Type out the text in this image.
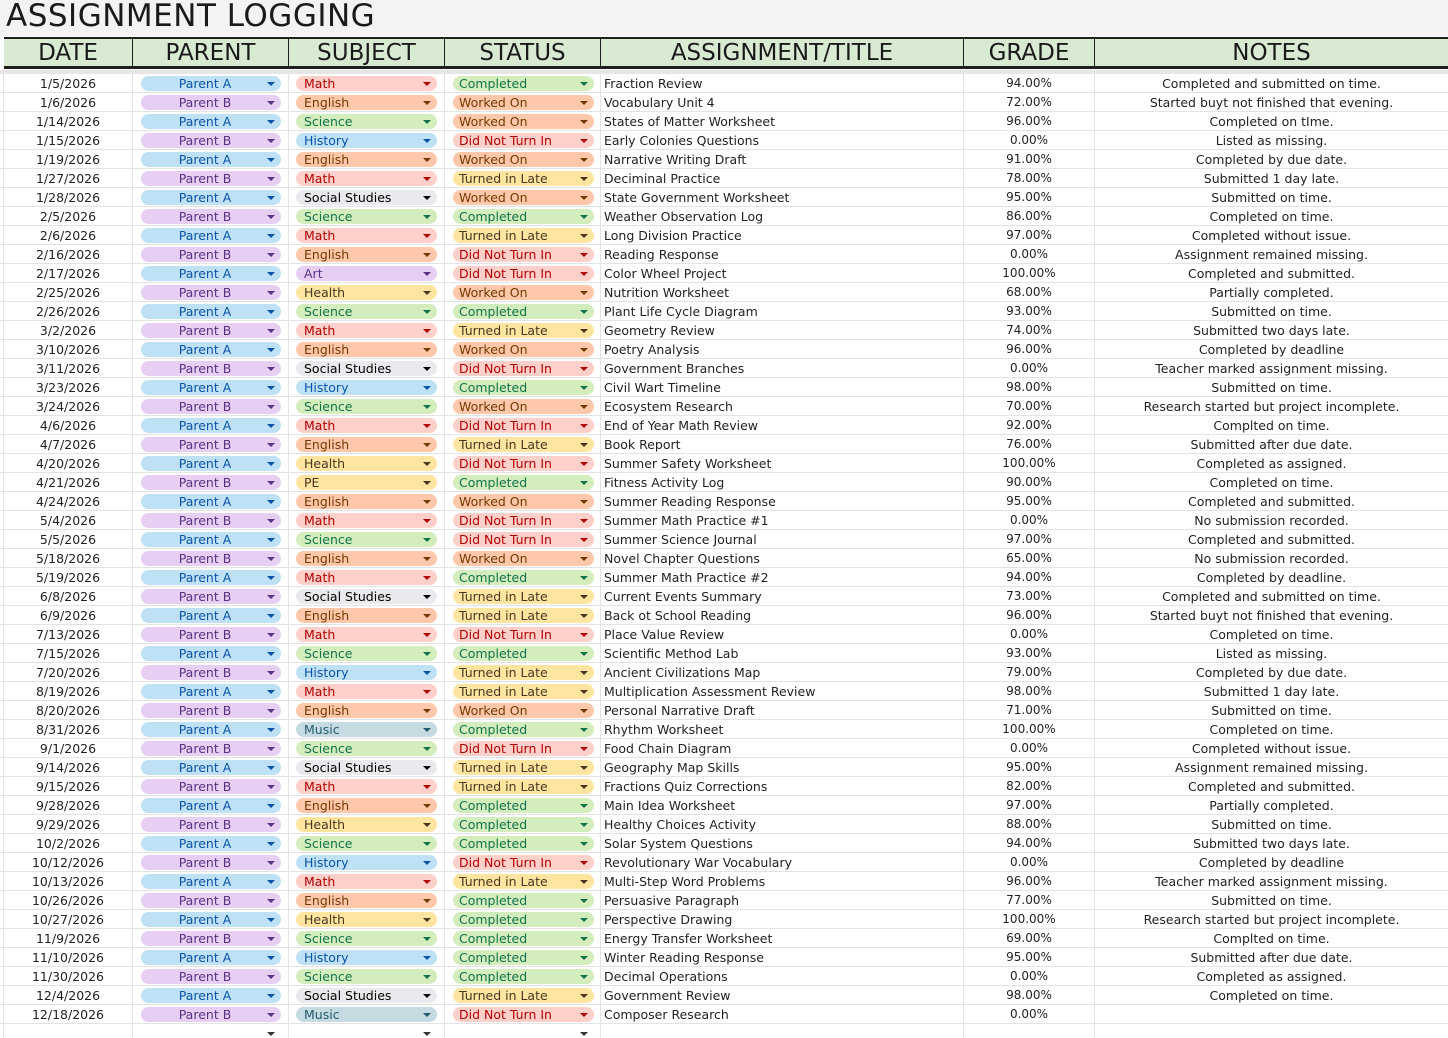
ASSIGNMENT LOGGING
DATE	PARENT	SUBJECT	STATUS	ASSIGNMENT/TITLE	GRADE	NOTES
1/5/2026	Parent A	Math	Completed	Fraction Review	94.00%	Completed and submitted on time.
1/6/2026	Parent B	English	Worked On	Vocabulary Unit 4	72.00%	Started buyt not finished that evening.
1/14/2026	Parent A	Science	Worked On	States of Matter Worksheet	96.00%	Completed on tIme.
1/15/2026	Parent B	History	Did Not Turn In	Early Colonies Questions	0.00%	Listed as missing.
1/19/2026	Parent A	English	Worked On	Narrative Writing Draft	91.00%	Completed by due date.
1/27/2026	Parent B	Math	Turned in Late	Deciminal Practice	78.00%	Submitted 1 day late.
1/28/2026	Parent A	Social Studies	Worked On	State Government Worksheet	95.00%	Submitted on time.
2/5/2026	Parent B	Science	Completed	Weather Observation Log	86.00%	Completed on time.
2/6/2026	Parent A	Math	Turned in Late	Long Division Practice	97.00%	Completed without issue.
2/16/2026	Parent B	English	Did Not Turn In	Reading Response	0.00%	Assignment remained missing.
2/17/2026	Parent A	Art	Did Not Turn In	Color Wheel Project	100.00%	Completed and submitted.
2/25/2026	Parent B	Health	Worked On	Nutrition Worksheet	68.00%	Partially completed.
2/26/2026	Parent A	Science	Completed	Plant Life Cycle Diagram	93.00%	Submitted on time.
3/2/2026	Parent B	Math	Turned in Late	Geometry Review	74.00%	Submitted two days late.
3/10/2026	Parent A	English	Worked On	Poetry Analysis	96.00%	Completed by deadline
3/11/2026	Parent B	Social Studies	Did Not Turn In	Government Branches	0.00%	Teacher marked assignment missing.
3/23/2026	Parent A	History	Completed	Civil Wart Timeline	98.00%	Submitted on time.
3/24/2026	Parent B	Science	Worked On	Ecosystem Research	70.00%	Research started but project incomplete.
4/6/2026	Parent A	Math	Did Not Turn In	End of Year Math Review	92.00%	Complted on time.
4/7/2026	Parent B	English	Turned in Late	Book Report	76.00%	Submitted after due date.
4/20/2026	Parent A	Health	Did Not Turn In	Summer Safety Worksheet	100.00%	Completed as assigned.
4/21/2026	Parent B	PE	Completed	Fitness Activity Log	90.00%	Completed on time.
4/24/2026	Parent A	English	Worked On	Summer Reading Response	95.00%	Completed and submitted.
5/4/2026	Parent B	Math	Did Not Turn In	Summer Math Practice #1	0.00%	No submission recorded.
5/5/2026	Parent A	Science	Did Not Turn In	Summer Science Journal	97.00%	Completed and submitted.
5/18/2026	Parent B	English	Worked On	Novel Chapter Questions	65.00%	No submission recorded.
5/19/2026	Parent A	Math	Completed	Summer Math Practice #2	94.00%	Completed by deadline.
6/8/2026	Parent B	Social Studies	Turned in Late	Current Events Summary	73.00%	Completed and submitted on time.
6/9/2026	Parent A	English	Turned in Late	Back ot School Reading	96.00%	Started buyt not finished that evening.
7/13/2026	Parent B	Math	Did Not Turn In	Place Value Review	0.00%	Completed on time.
7/15/2026	Parent A	Science	Completed	Scientific Method Lab	93.00%	Listed as missing.
7/20/2026	Parent B	History	Turned in Late	Ancient Civilizations Map	79.00%	Completed by due date.
8/19/2026	Parent A	Math	Turned in Late	Multiplication Assessment Review	98.00%	Submitted 1 day late.
8/20/2026	Parent B	English	Worked On	Personal Narrative Draft	71.00%	Submitted on time.
8/31/2026	Parent A	Music	Completed	Rhythm Worksheet	100.00%	Completed on time.
9/1/2026	Parent B	Science	Did Not Turn In	Food Chain Diagram	0.00%	Completed without issue.
9/14/2026	Parent A	Social Studies	Turned in Late	Geography Map Skills	95.00%	Assignment remained missing.
9/15/2026	Parent B	Math	Turned in Late	Fractions Quiz Corrections	82.00%	Completed and submitted.
9/28/2026	Parent A	English	Completed	Main Idea Worksheet	97.00%	Partially completed.
9/29/2026	Parent B	Health	Completed	Healthy Choices Activity	88.00%	Submitted on time.
10/2/2026	Parent A	Science	Completed	Solar System Questions	94.00%	Submitted two days late.
10/12/2026	Parent B	History	Did Not Turn In	Revolutionary War Vocabulary	0.00%	Completed by deadline
10/13/2026	Parent A	Math	Turned in Late	Multi-Step Word Problems	96.00%	Teacher marked assignment missing.
10/26/2026	Parent B	English	Completed	Persuasive Paragraph	77.00%	Submitted on time.
10/27/2026	Parent A	Health	Completed	Perspective Drawing	100.00%	Research started but project incomplete.
11/9/2026	Parent B	Science	Completed	Energy Transfer Worksheet	69.00%	Complted on time.
11/10/2026	Parent A	History	Completed	Winter Reading Response	95.00%	Submitted after due date.
11/30/2026	Parent B	Science	Completed	Decimal Operations	0.00%	Completed as assigned.
12/4/2026	Parent A	Social Studies	Turned in Late	Government Review	98.00%	Completed on time.
12/18/2026	Parent B	Music	Did Not Turn In	Composer Research	0.00%
